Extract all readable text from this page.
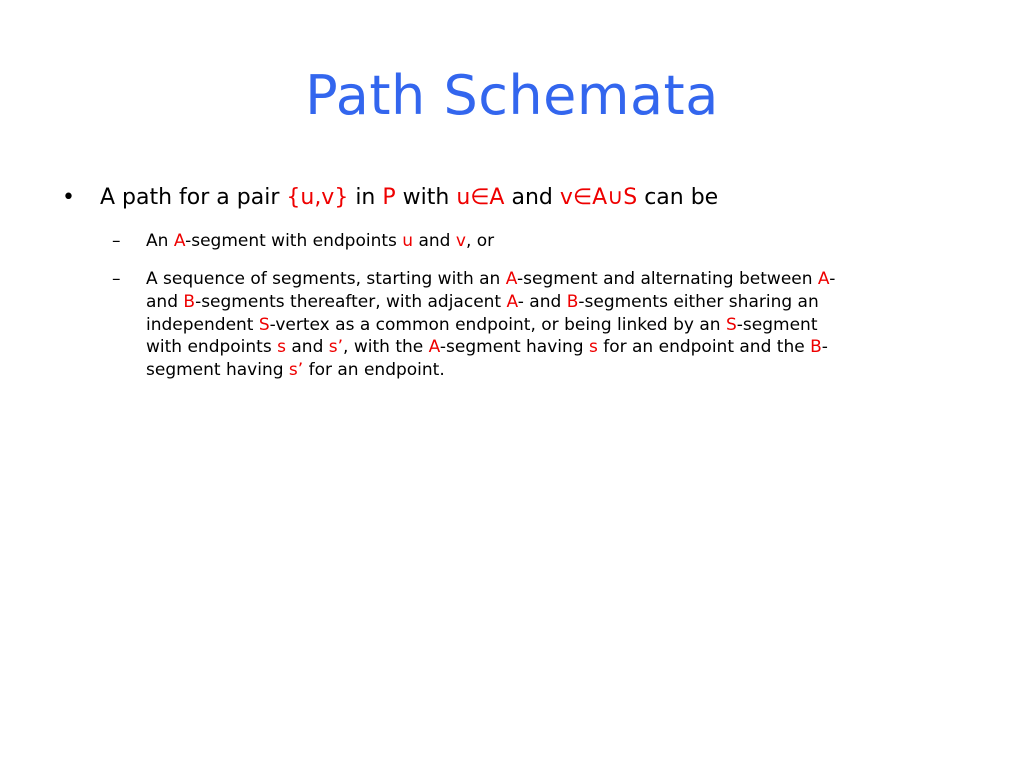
Path Schemata
• A path for a pair {u,v} in P with u∈A and v∈A∪S can be
– An A-segment with endpoints u and v, or
– A sequence of segments, starting with an A-segment and alternating between A-
and B-segments thereafter, with adjacent A- and B-segments either sharing an
independent S-vertex as a common endpoint, or being linked by an S-segment
with endpoints s and s’, with the A-segment having s for an endpoint and the B-
segment having s’ for an endpoint.
